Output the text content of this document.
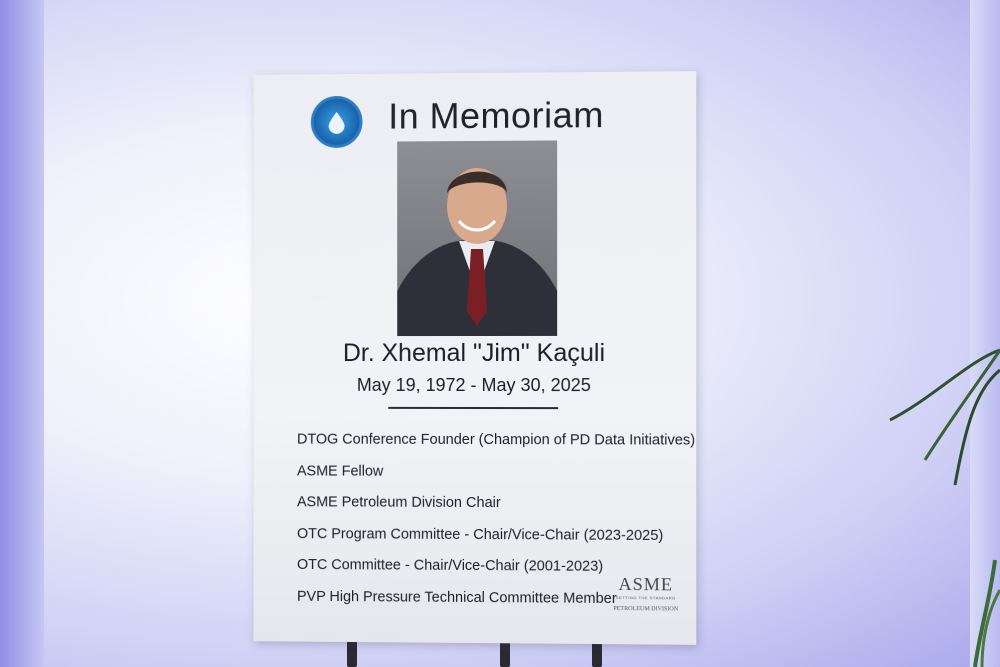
In Memoriam
Dr. Xhemal "Jim" Kaçuli
May 19, 1972 - May 30, 2025
DTOG Conference Founder (Champion of PD Data Initiatives)
ASME Fellow
ASME Petroleum Division Chair
OTC Program Committee - Chair/Vice-Chair (2023-2025)
OTC Committee - Chair/Vice-Chair (2001-2023)
PVP High Pressure Technical Committee Member
ASME
SETTING THE STANDARD
PETROLEUM DIVISION
